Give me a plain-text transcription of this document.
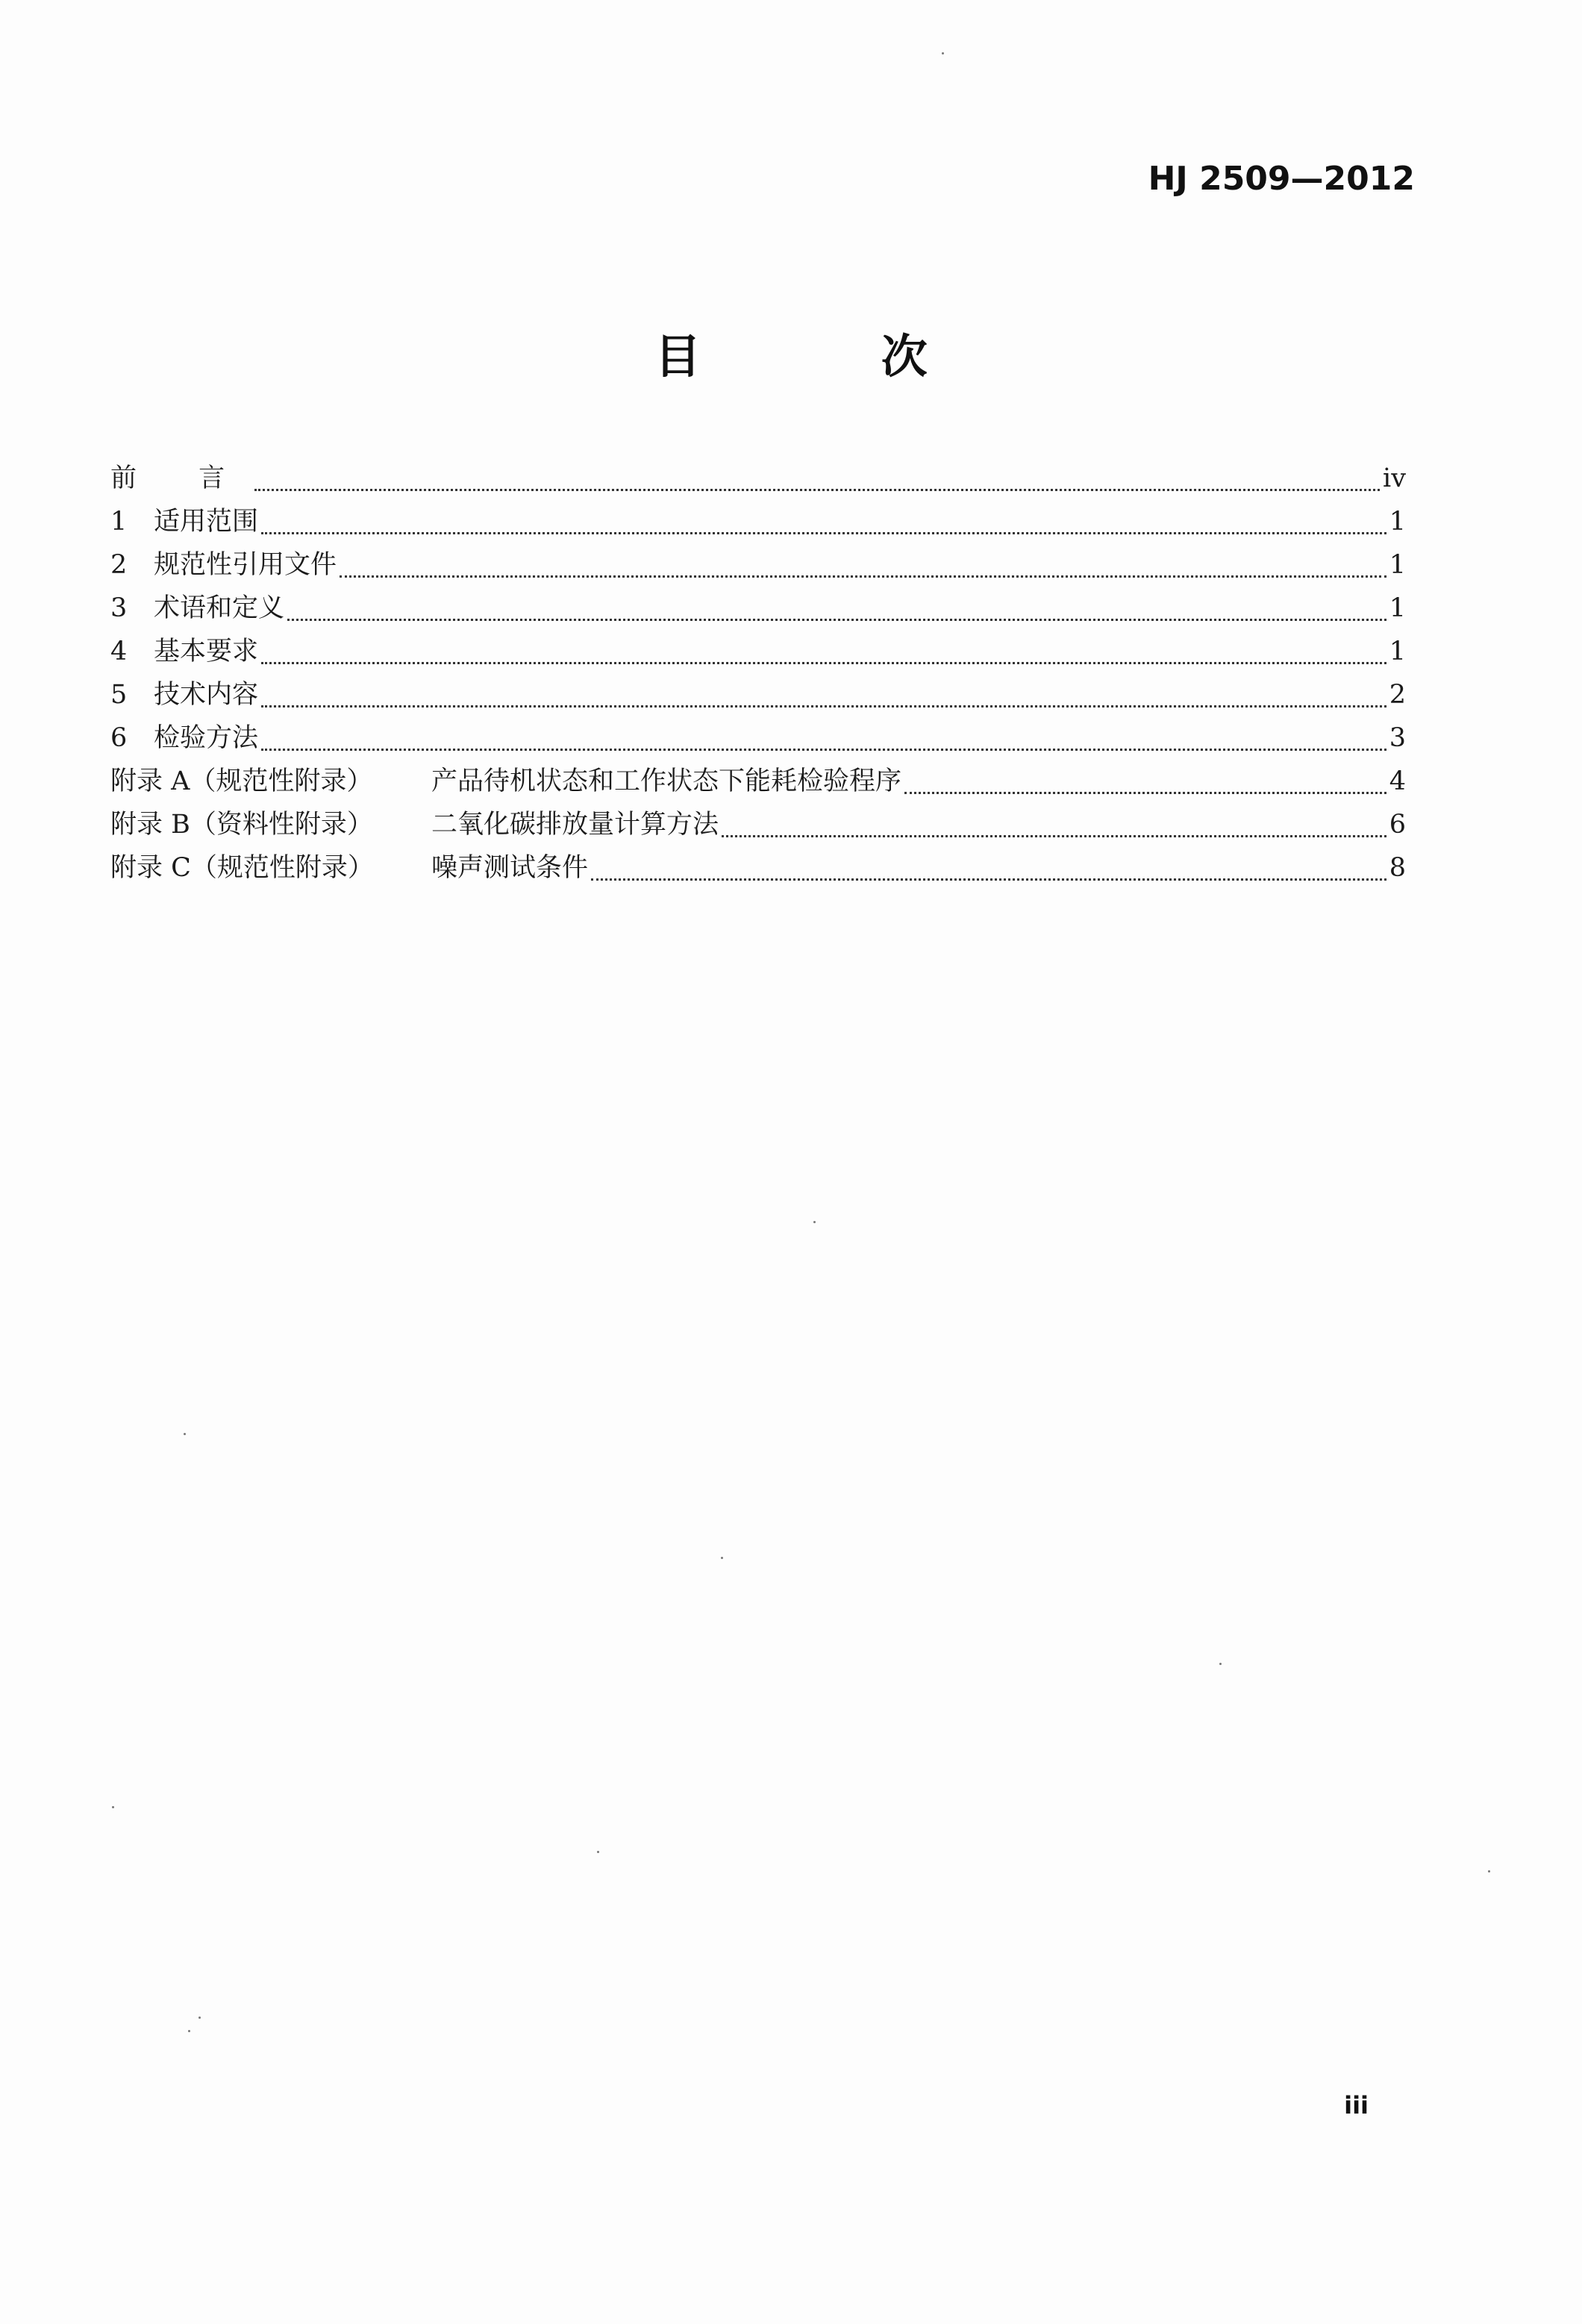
HJ 2509—2012
目 次
前 言	iv
1	适用范围	1
2	规范性引用文件	1
3	术语和定义	1
4	基本要求	1
5	技术内容	2
6	检验方法	3
附录 A（规范性附录）	产品待机状态和工作状态下能耗检验程序	4
附录 B（资料性附录）	二氧化碳排放量计算方法	6
附录 C（规范性附录）	噪声测试条件	8
iii
